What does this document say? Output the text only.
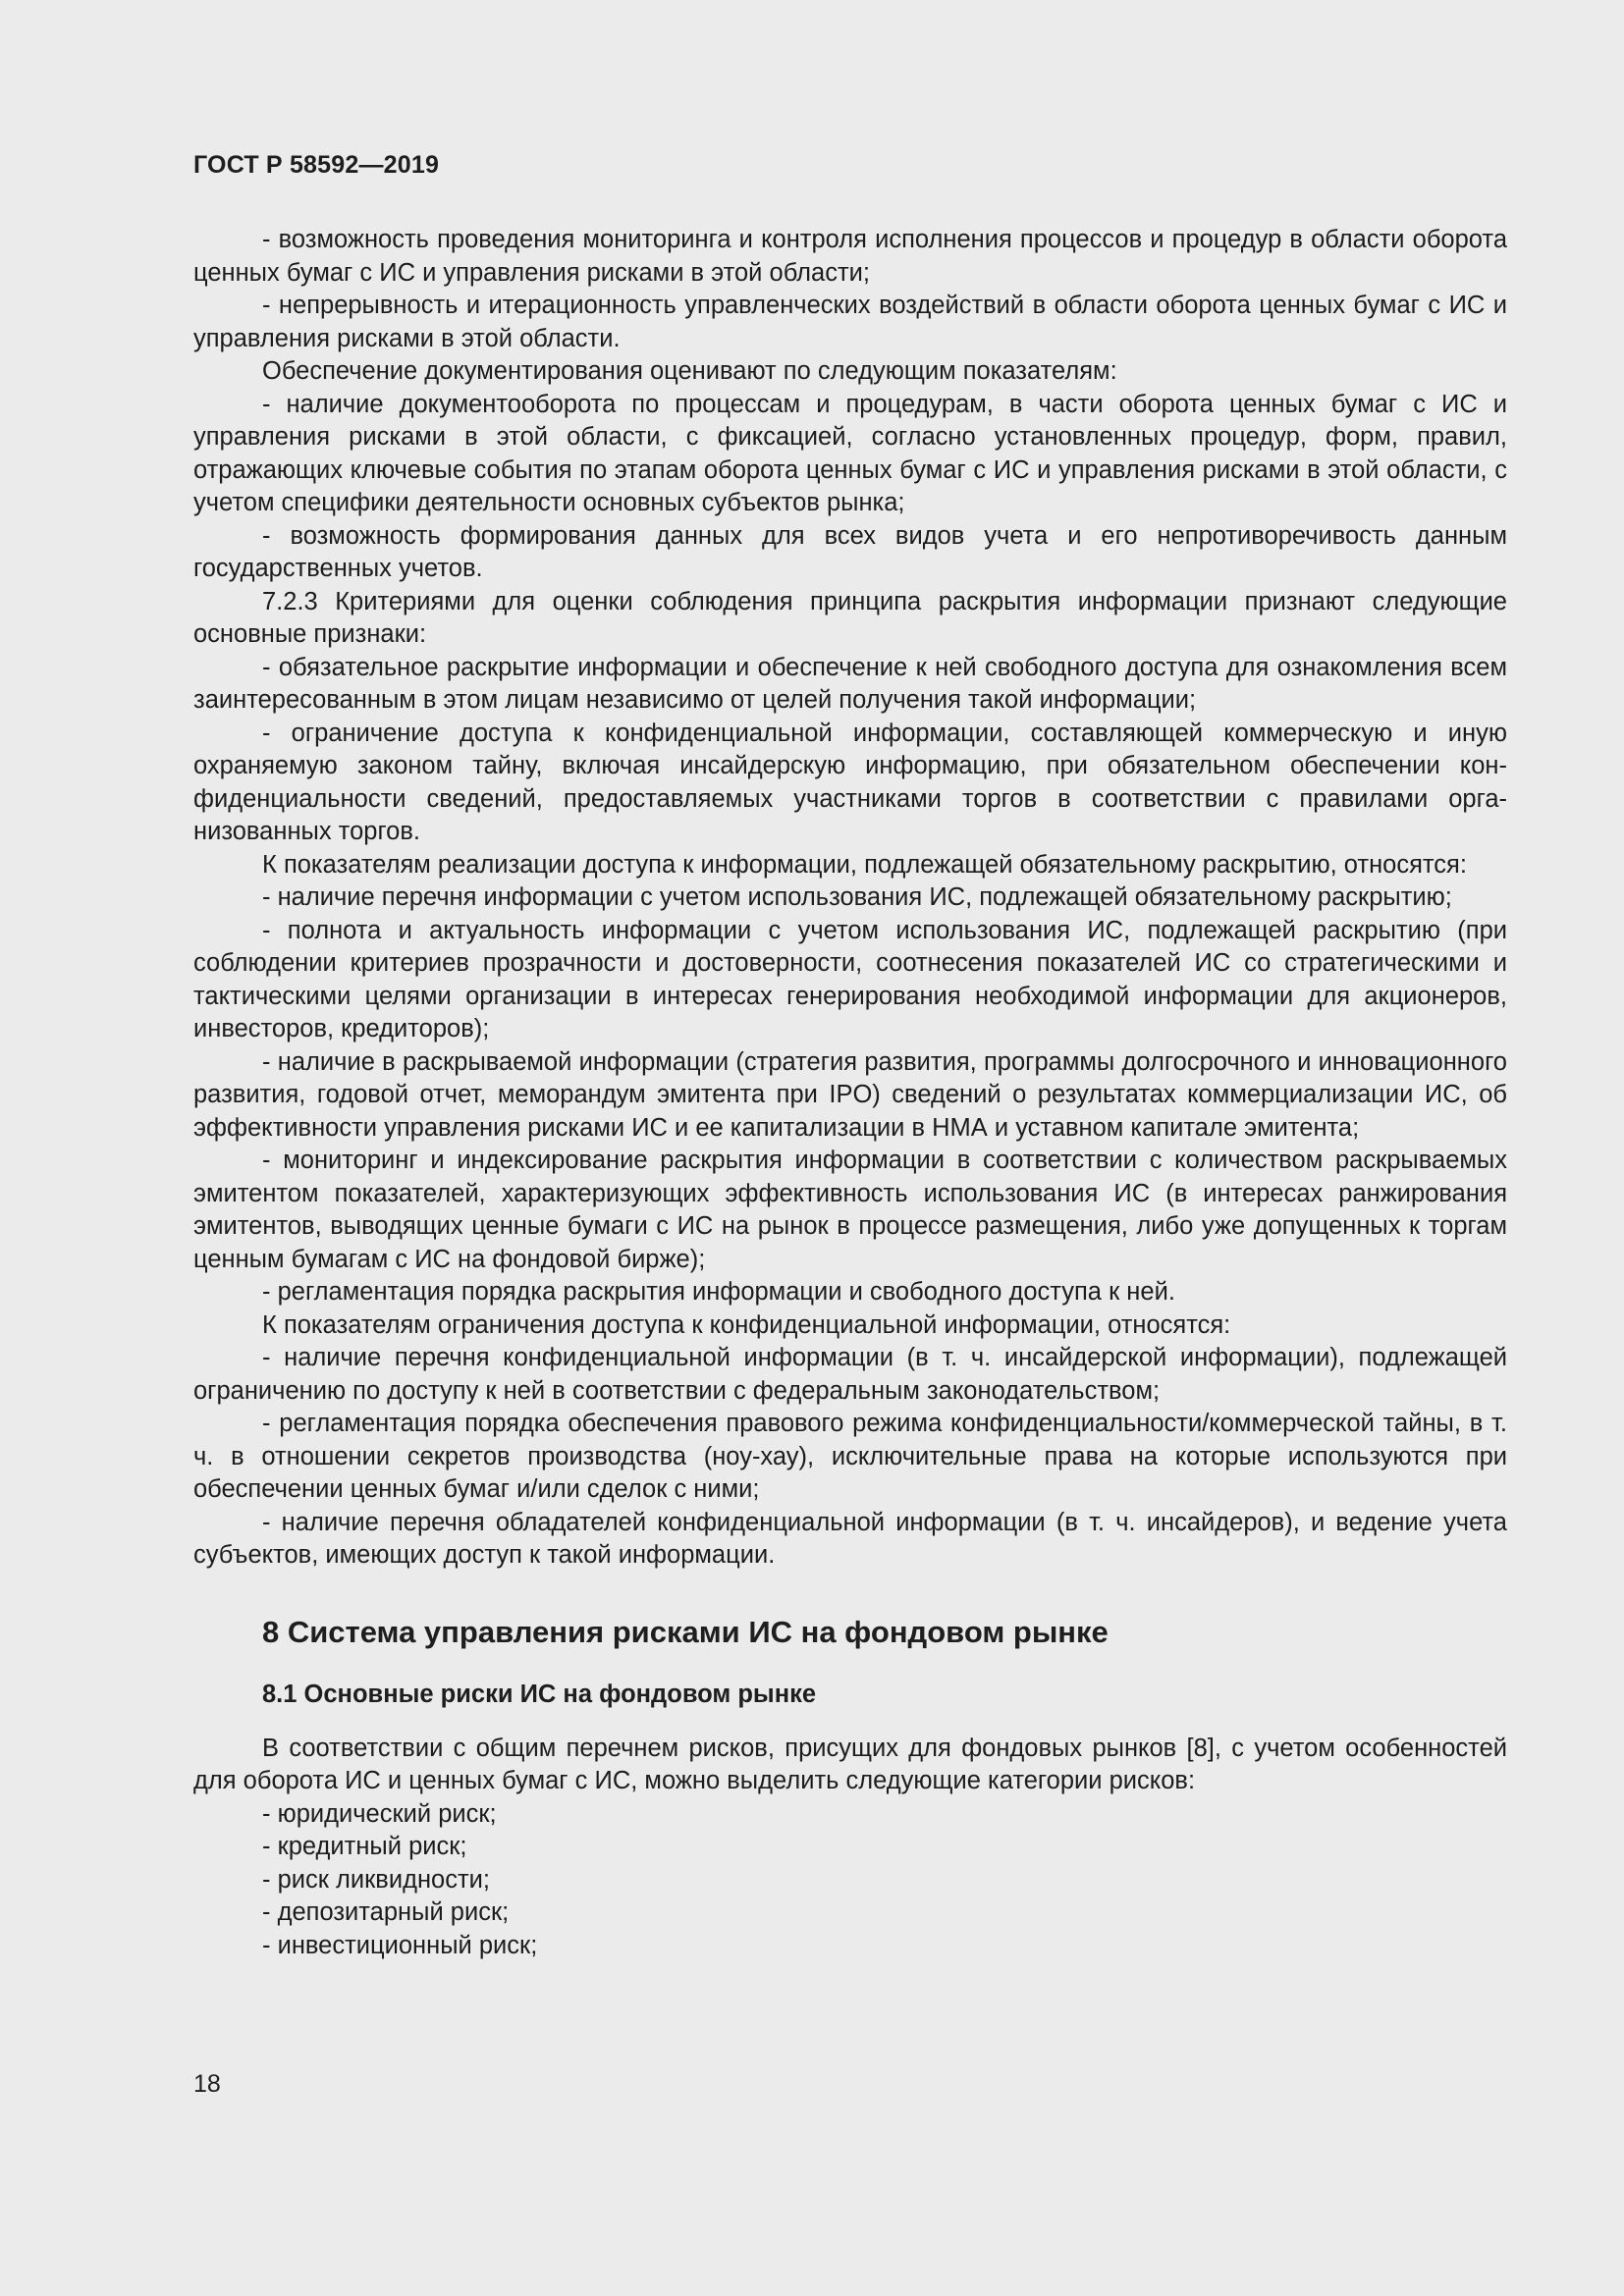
ГОСТ Р 58592—2019

- возможность проведения мониторинга и контроля исполнения процессов и процедур в области оборота ценных бумаг с ИС и управления рисками в этой области;

- непрерывность и итерационность управленческих воздействий в области оборота ценных бумаг с ИС и управления рисками в этой области.

Обеспечение документирования оценивают по следующим показателям:

- наличие документооборота по процессам и процедурам, в части оборота ценных бумаг с ИС и управления рисками в этой области, с фиксацией, согласно установленных процедур, форм, правил, отражающих ключевые события по этапам оборота ценных бумаг с ИС и управления рисками в этой области, с учетом специфики деятельности основных субъектов рынка;

- возможность формирования данных для всех видов учета и его непротиворечивость данным государственных учетов.

7.2.3 Критериями для оценки соблюдения принципа раскрытия информации признают следующие основные признаки:

- обязательное раскрытие информации и обеспечение к ней свободного доступа для ознакомления всем заинтересованным в этом лицам независимо от целей получения такой информации;

- ограничение доступа к конфиденциальной информации, составляющей коммерческую и иную охраняемую законом тайну, включая инсайдерскую информацию, при обязательном обеспечении конфиденциальности сведений, предоставляемых участниками торгов в соответствии с правилами организованных торгов.

К показателям реализации доступа к информации, подлежащей обязательному раскрытию, относятся:

- наличие перечня информации с учетом использования ИС, подлежащей обязательному раскрытию;

- полнота и актуальность информации с учетом использования ИС, подлежащей раскрытию (при соблюдении критериев прозрачности и достоверности, соотнесения показателей ИС со стратегическими и тактическими целями организации в интересах генерирования необходимой информации для акционеров, инвесторов, кредиторов);

- наличие в раскрываемой информации (стратегия развития, программы долгосрочного и инновационного развития, годовой отчет, меморандум эмитента при IPO) сведений о результатах коммерциализации ИС, об эффективности управления рисками ИС и ее капитализации в НМА и уставном капитале эмитента;

- мониторинг и индексирование раскрытия информации в соответствии с количеством раскрываемых эмитентом показателей, характеризующих эффективность использования ИС (в интересах ранжирования эмитентов, выводящих ценные бумаги с ИС на рынок в процессе размещения, либо уже допущенных к торгам ценным бумагам с ИС на фондовой бирже);

- регламентация порядка раскрытия информации и свободного доступа к ней.

К показателям ограничения доступа к конфиденциальной информации, относятся:

- наличие перечня конфиденциальной информации (в т. ч. инсайдерской информации), подлежащей ограничению по доступу к ней в соответствии с федеральным законодательством;

- регламентация порядка обеспечения правового режима конфиденциальности/коммерческой тайны, в т. ч. в отношении секретов производства (ноу-хау), исключительные права на которые используются при обеспечении ценных бумаг и/или сделок с ними;

- наличие перечня обладателей конфиденциальной информации (в т. ч. инсайдеров), и ведение учета субъектов, имеющих доступ к такой информации.

8 Система управления рисками ИС на фондовом рынке
8.1 Основные риски ИС на фондовом рынке

В соответствии с общим перечнем рисков, присущих для фондовых рынков [8], с учетом особенностей для оборота ИС и ценных бумаг с ИС, можно выделить следующие категории рисков:

- юридический риск;

- кредитный риск;

- риск ликвидности;

- депозитарный риск;

- инвестиционный риск;

18
